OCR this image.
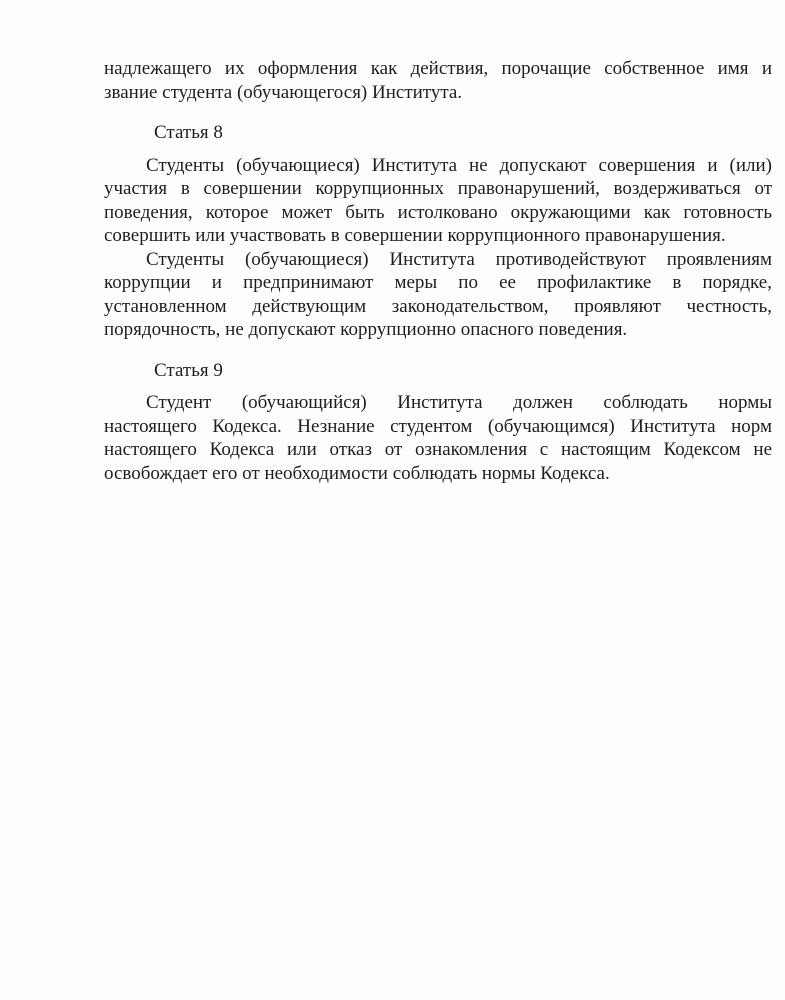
надлежащего их оформления как действия, порочащие собственное имя и
звание студента (обучающегося) Института.
Статья 8
Студенты (обучающиеся) Института не допускают совершения и (или)
участия в совершении коррупционных правонарушений, воздерживаться от
поведения, которое может быть истолковано окружающими как готовность
совершить или участвовать в совершении коррупционного правонарушения.
Студенты (обучающиеся) Института противодействуют проявлениям
коррупции и предпринимают меры по ее профилактике в порядке,
установленном действующим законодательством, проявляют честность,
порядочность, не допускают коррупционно опасного поведения.
Статья 9
Студент (обучающийся) Института должен соблюдать нормы
настоящего Кодекса. Незнание студентом (обучающимся) Института норм
настоящего Кодекса или отказ от ознакомления с настоящим Кодексом не
освобождает его от необходимости соблюдать нормы Кодекса.
